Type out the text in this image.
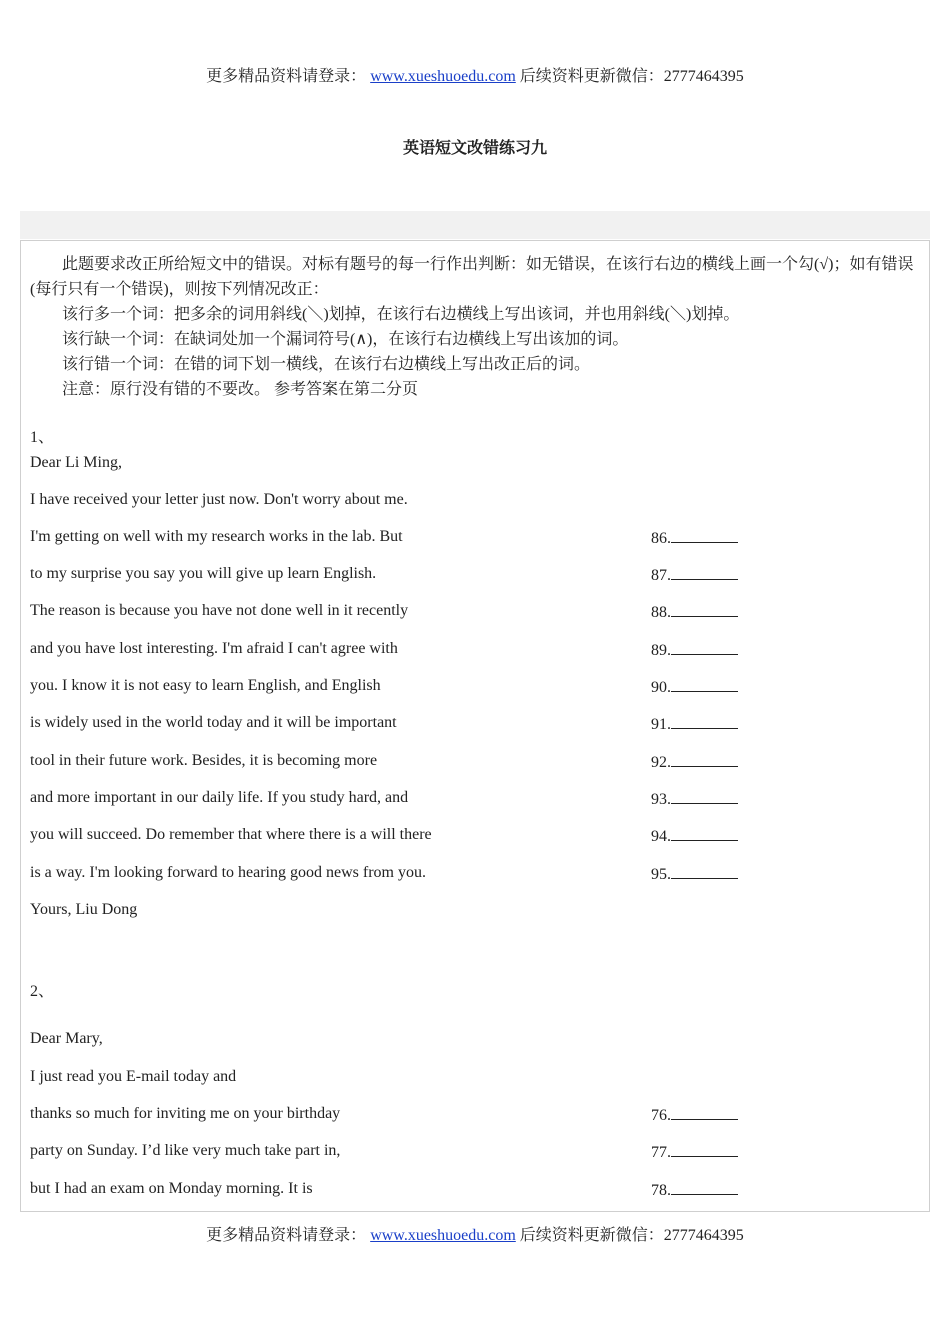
更多精品资料请登录： www.xueshuoedu.com 后续资料更新微信：2777464395
英语短文改错练习九

此题要求改正所给短文中的错误。对标有题号的每一行作出判断：如无错误，在该行右边的横线上画一个勾(√)；如有错误(每行只有一个错误)，则按下列情况改正：

该行多一个词：把多余的词用斜线(＼)划掉，在该行右边横线上写出该词，并也用斜线(＼)划掉。

该行缺一个词：在缺词处加一个漏词符号(∧)，在该行右边横线上写出该加的词。

该行错一个词：在错的词下划一横线，在该行右边横线上写出改正后的词。

注意：原行没有错的不要改。 参考答案在第二分页

1、
Dear Li Ming,
I have received your letter just now. Don't worry about me.
I'm getting on well with my research works in the lab. But	86.
to my surprise you say you will give up learn English.	87.
The reason is because you have not done well in it recently	88.
and you have lost interesting. I'm afraid I can't agree with	89.
you. I know it is not easy to learn English, and English	90.
is widely used in the world today and it will be important	91.
tool in their future work. Besides, it is becoming more	92.
and more important in our daily life. If you study hard, and	93.
you will succeed. Do remember that where there is a will there	94.
is a way. I'm looking forward to hearing good news from you.	95.
Yours, Liu Dong
2、
Dear Mary,
I just read you E-mail today and
thanks so much for inviting me on your birthday	76.
party on Sunday. I’d like very much take part in,	77.
but I had an exam on Monday morning. It is	78.
更多精品资料请登录： www.xueshuoedu.com 后续资料更新微信：2777464395
